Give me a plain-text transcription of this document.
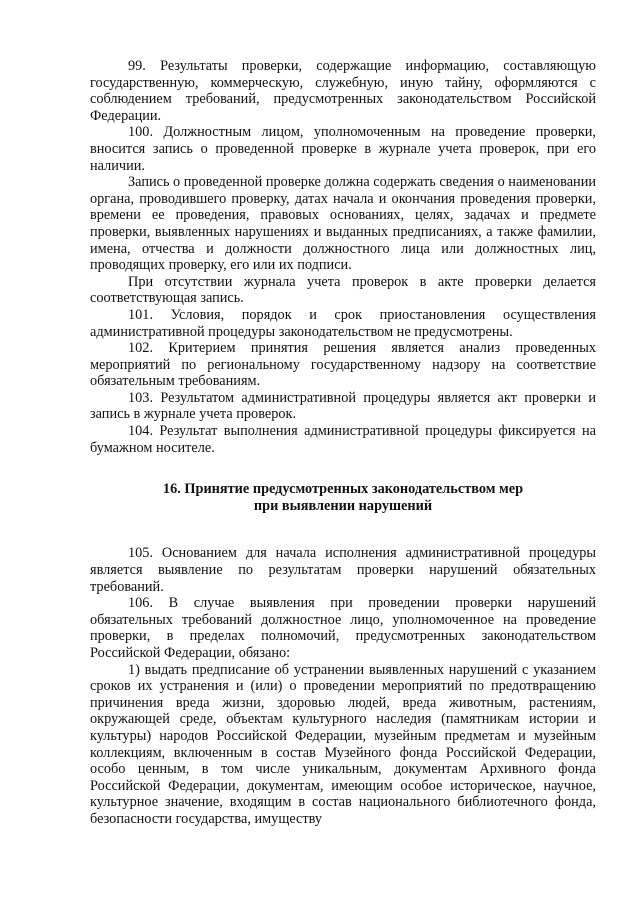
99. Результаты проверки, содержащие информацию, составляющую государственную, коммерческую, служебную, иную тайну, оформляются с соблюдением требований, предусмотренных законодательством Российской Федерации.

100. Должностным лицом, уполномоченным на проведение проверки, вносится запись о проведенной проверке в журнале учета проверок, при его наличии.

Запись о проведенной проверке должна содержать сведения о наименовании органа, проводившего проверку, датах начала и окончания проведения проверки, времени ее проведения, правовых основаниях, целях, задачах и предмете проверки, выявленных нарушениях и выданных предписаниях, а также фамилии, имена, отчества и должности должностного лица или должностных лиц, проводящих проверку, его или их подписи.

При отсутствии журнала учета проверок в акте проверки делается соответствующая запись.

101. Условия, порядок и срок приостановления осуществления административной процедуры законодательством не предусмотрены.

102. Критерием принятия решения является анализ проведенных мероприятий по региональному государственному надзору на соответствие обязательным требованиям.

103. Результатом административной процедуры является акт проверки и запись в журнале учета проверок.

104. Результат выполнения административной процедуры фиксируется на бумажном носителе.

16. Принятие предусмотренных законодательством мер
при выявлении нарушений

105. Основанием для начала исполнения административной процедуры является выявление по результатам проверки нарушений обязательных требований.

106. В случае выявления при проведении проверки нарушений обязательных требований должностное лицо, уполномоченное на проведение проверки, в пределах полномочий, предусмотренных законодательством Российской Федерации, обязано:

1) выдать предписание об устранении выявленных нарушений с указанием сроков их устранения и (или) о проведении мероприятий по предотвращению причинения вреда жизни, здоровью людей, вреда животным, растениям, окружающей среде, объектам культурного наследия (памятникам истории и культуры) народов Российской Федерации, музейным предметам и музейным коллекциям, включенным в состав Музейного фонда Российской Федерации, особо ценным, в том числе уникальным, документам Архивного фонда Российской Федерации, документам, имеющим особое историческое, научное, культурное значение, входящим в состав национального библиотечного фонда, безопасности государства, имуществу
